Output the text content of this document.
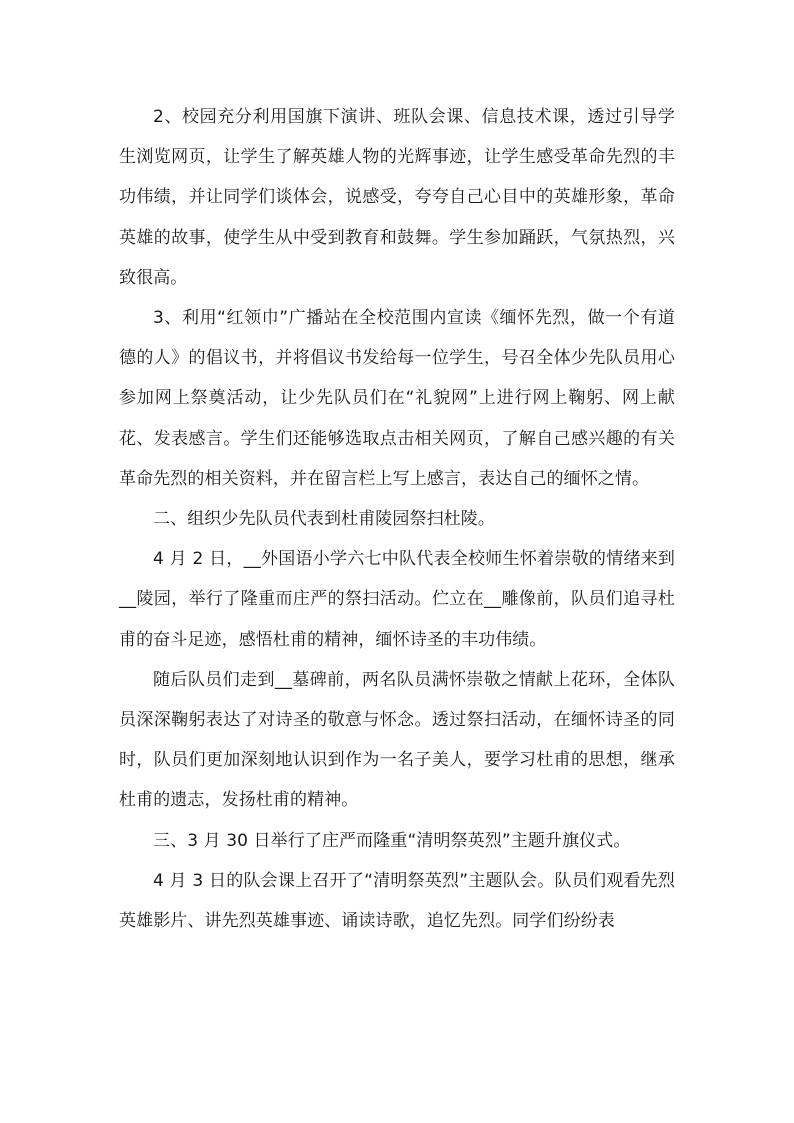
2、校园充分利用国旗下演讲、班队会课、信息技术课，透过引导学生浏览网页，让学生了解英雄人物的光辉事迹，让学生感受革命先烈的丰功伟绩，并让同学们谈体会，说感受，夸夸自己心目中的英雄形象，革命英雄的故事，使学生从中受到教育和鼓舞。学生参加踊跃，气氛热烈，兴致很高。

3、利用“红领巾”广播站在全校范围内宣读《缅怀先烈，做一个有道德的人》的倡议书，并将倡议书发给每一位学生，号召全体少先队员用心参加网上祭奠活动，让少先队员们在“礼貌网”上进行网上鞠躬、网上献花、发表感言。学生们还能够选取点击相关网页，了解自己感兴趣的有关革命先烈的相关资料，并在留言栏上写上感言，表达自己的缅怀之情。

二、组织少先队员代表到杜甫陵园祭扫杜陵。

4 月 2 日，__外国语小学六七中队代表全校师生怀着崇敬的情绪来到__陵园，举行了隆重而庄严的祭扫活动。伫立在__雕像前，队员们追寻杜甫的奋斗足迹，感悟杜甫的精神，缅怀诗圣的丰功伟绩。

随后队员们走到__墓碑前，两名队员满怀崇敬之情献上花环，全体队员深深鞠躬表达了对诗圣的敬意与怀念。透过祭扫活动，在缅怀诗圣的同时，队员们更加深刻地认识到作为一名子美人，要学习杜甫的思想，继承杜甫的遗志，发扬杜甫的精神。

三、3 月 30 日举行了庄严而隆重“清明祭英烈”主题升旗仪式。

4 月 3 日的队会课上召开了“清明祭英烈”主题队会。队员们观看先烈英雄影片、讲先烈英雄事迹、诵读诗歌，追忆先烈。同学们纷纷表
